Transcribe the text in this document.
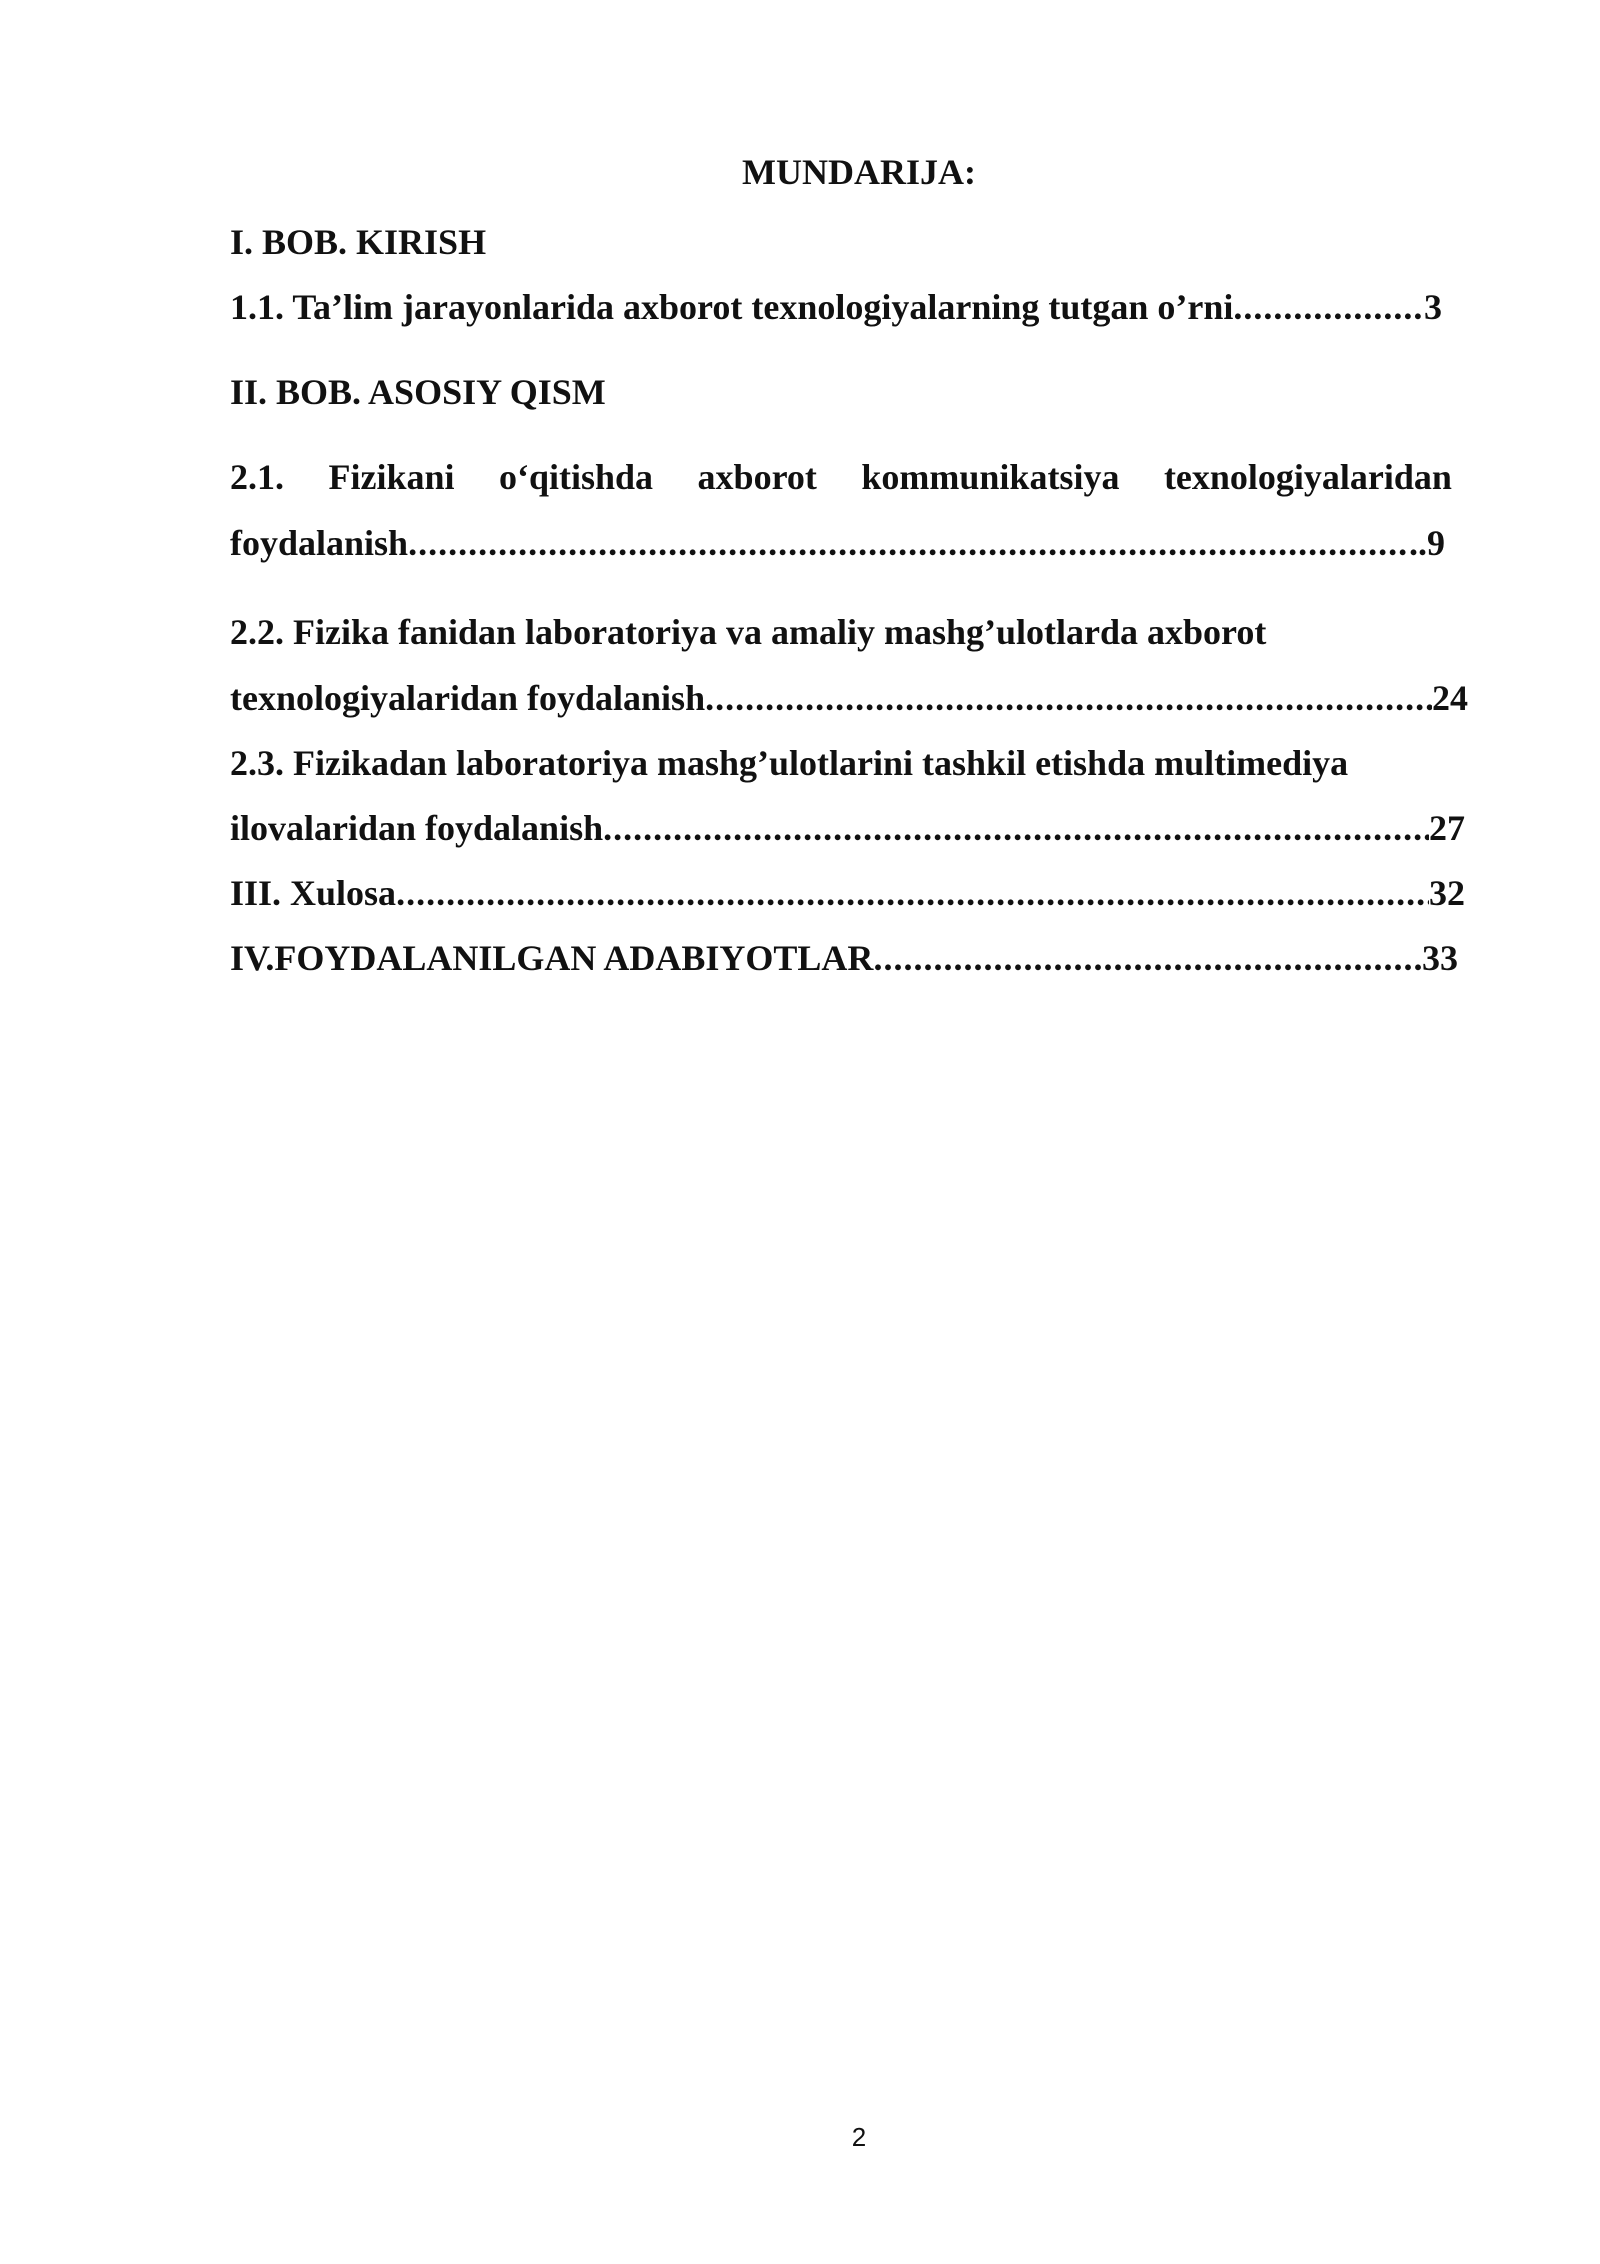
MUNDARIJA:
I. BOB. KIRISH
1.1. Ta’lim jarayonlarida axborot texnologiyalarning tutgan o’rni .....	3
II. BOB. ASOSIY QISM
2.1. Fizikani o‘qitishda axborot kommunikatsiya texnologiyalaridan
foydalanish .....	..9
2.2. Fizika fanidan laboratoriya va amaliy mashg’ulotlarda axborot
texnologiyalaridan foydalanish .....	24
2.3. Fizikadan laboratoriya mashg’ulotlarini tashkil etishda multimediya
ilovalaridan foydalanish .....	27
III. Xulosa .....	32
IV.FOYDALANILGAN ADABIYOTLAR .....	33
2
